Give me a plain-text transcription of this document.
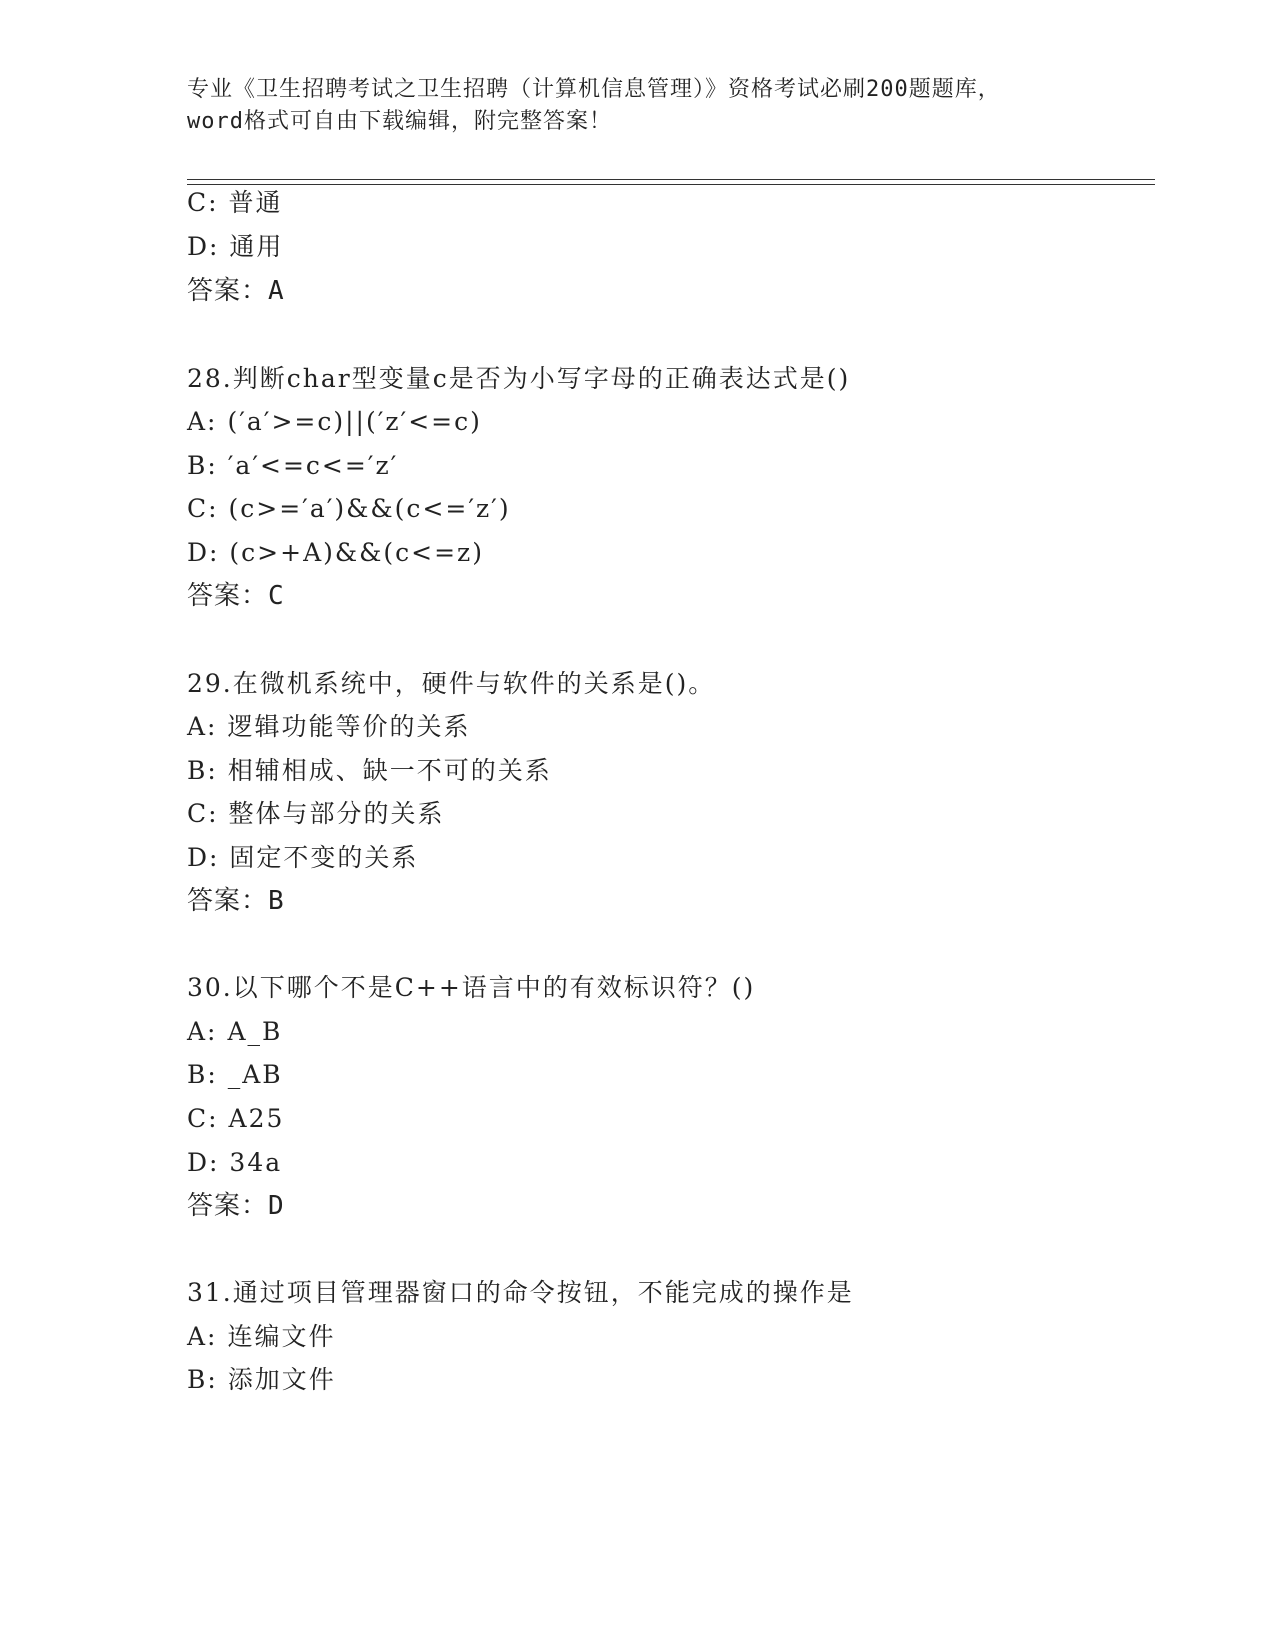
专业《卫生招聘考试之卫生招聘（计算机信息管理）》资格考试必刷200题题库，
word格式可自由下载编辑，附完整答案！
C: 普通
D: 通用
答案：A
28.判断char型变量c是否为小写字母的正确表达式是()
A: (′a′>=c)||(′z′<=c)
B: ′a′<=c<=′z′
C: (c>=′a′)&&(c<=′z′)
D: (c>+A)&&(c<=z)
答案：C
29.在微机系统中，硬件与软件的关系是()。
A: 逻辑功能等价的关系
B: 相辅相成、缺一不可的关系
C: 整体与部分的关系
D: 固定不变的关系
答案：B
30.以下哪个不是C++语言中的有效标识符？()
A: A_B
B: _AB
C: A25
D: 34a
答案：D
31.通过项目管理器窗口的命令按钮，不能完成的操作是
A: 连编文件
B: 添加文件
